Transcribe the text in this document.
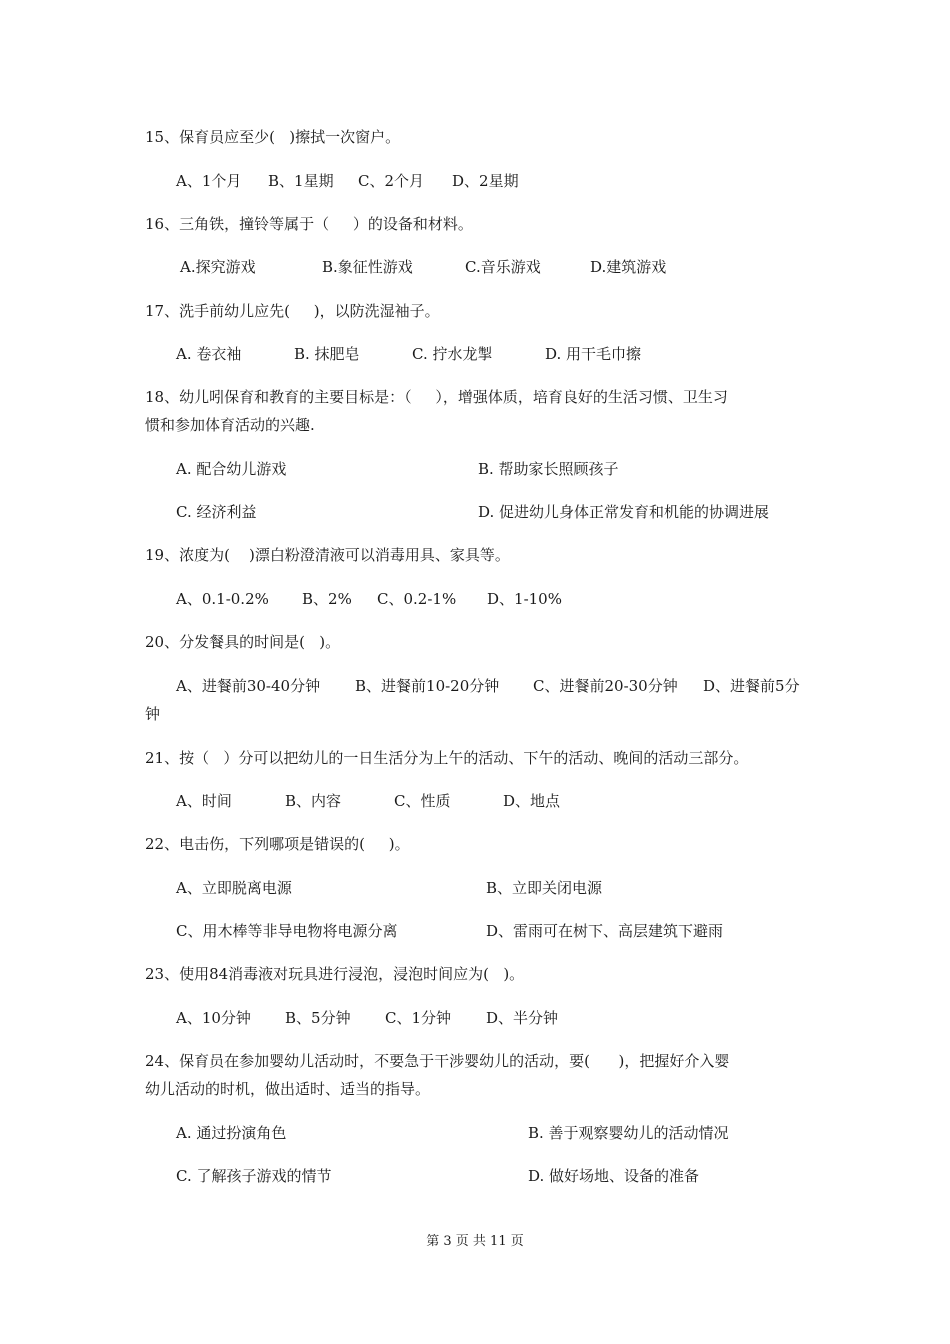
15、保育员应至少(   )擦拭一次窗户。
A、1个月 B、1星期 C、2个月 D、2星期
16、三角铁，撞铃等属于（     ）的设备和材料。
A.探究游戏	B.象征性游戏	C.音乐游戏	D.建筑游戏
17、洗手前幼儿应先(     )，以防洗湿袖子。
A. 卷衣袖	B. 抹肥皂	C. 拧水龙掣	D. 用干毛巾擦
18、幼儿吲保育和教育的主要目标是：（     ），增强体质，培育良好的生活习惯、卫生习
惯和参加体育活动的兴趣.
A. 配合幼儿游戏	B. 帮助家长照顾孩子
C. 经济利益	D. 促进幼儿身体正常发育和机能的协调进展
19、浓度为(    )漂白粉澄清液可以消毒用具、家具等。
A、0.1-0.2% B、2% C、0.2-1% D、1-10%
20、分发餐具的时间是(   )。
A、进餐前30-40分钟 B、进餐前10-20分钟 C、进餐前20-30分钟 D、进餐前5分
钟
21、按（   ）分可以把幼儿的一日生活分为上午的活动、下午的活动、晚间的活动三部分。
A、时间	B、内容	C、性质	D、地点
22、电击伤，下列哪项是错误的(     )。
A、立即脱离电源	B、立即关闭电源
C、用木棒等非导电物将电源分离	D、雷雨可在树下、高层建筑下避雨
23、使用84消毒液对玩具进行浸泡，浸泡时间应为(   )。
A、10分钟 B、5分钟 C、1分钟 D、半分钟
24、保育员在参加婴幼儿活动时，不要急于干涉婴幼儿的活动，要(      )，把握好介入婴
幼儿活动的时机，做出适时、适当的指导。
A. 通过扮演角色	B. 善于观察婴幼儿的活动情况
C. 了解孩子游戏的情节	D. 做好场地、设备的准备
第 3 页 共 11 页
